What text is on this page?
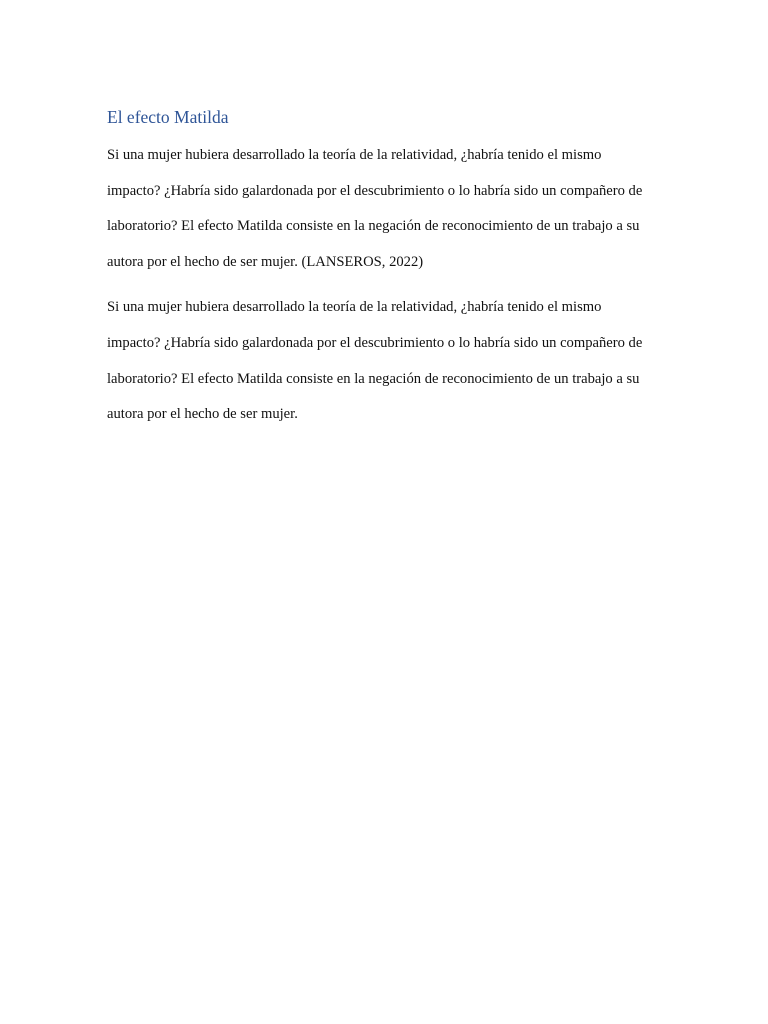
El efecto Matilda

Si una mujer hubiera desarrollado la teoría de la relatividad, ¿habría tenido el mismo
impacto? ¿Habría sido galardonada por el descubrimiento o lo habría sido un compañero de
laboratorio? El efecto Matilda consiste en la negación de reconocimiento de un trabajo a su
autora por el hecho de ser mujer. (LANSEROS, 2022)

Si una mujer hubiera desarrollado la teoría de la relatividad, ¿habría tenido el mismo
impacto? ¿Habría sido galardonada por el descubrimiento o lo habría sido un compañero de
laboratorio? El efecto Matilda consiste en la negación de reconocimiento de un trabajo a su
autora por el hecho de ser mujer.
